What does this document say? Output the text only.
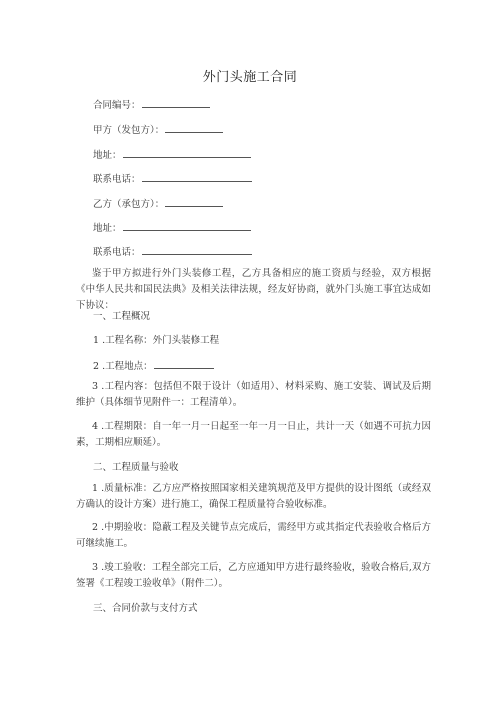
外门头施工合同
合同编号：
甲方（发包方）：
地址：
联系电话：
乙方（承包方）：
地址：
联系电话：
鉴于甲方拟进行外门头装修工程，乙方具备相应的施工资质与经验，双方根据《中华人民共和国民法典》及相关法律法规，经友好协商，就外门头施工事宜达成如下协议：
一、工程概况
1 .工程名称：外门头装修工程
2 .工程地点：
3 .工程内容：包括但不限于设计（如适用）、材料采购、施工安装、调试及后期维护（具体细节见附件一：工程清单）。
4 .工程期限：自一年一月一日起至一年一月一日止，共计一天（如遇不可抗力因素，工期相应顺延）。
二、工程质量与验收
1 .质量标准：乙方应严格按照国家相关建筑规范及甲方提供的设计图纸（或经双方确认的设计方案）进行施工，确保工程质量符合验收标准。
2 .中期验收：隐蔽工程及关键节点完成后，需经甲方或其指定代表验收合格后方可继续施工。
3 .竣工验收：工程全部完工后，乙方应通知甲方进行最终验收，验收合格后,双方签署《工程竣工验收单》（附件二）。
三、合同价款与支付方式
